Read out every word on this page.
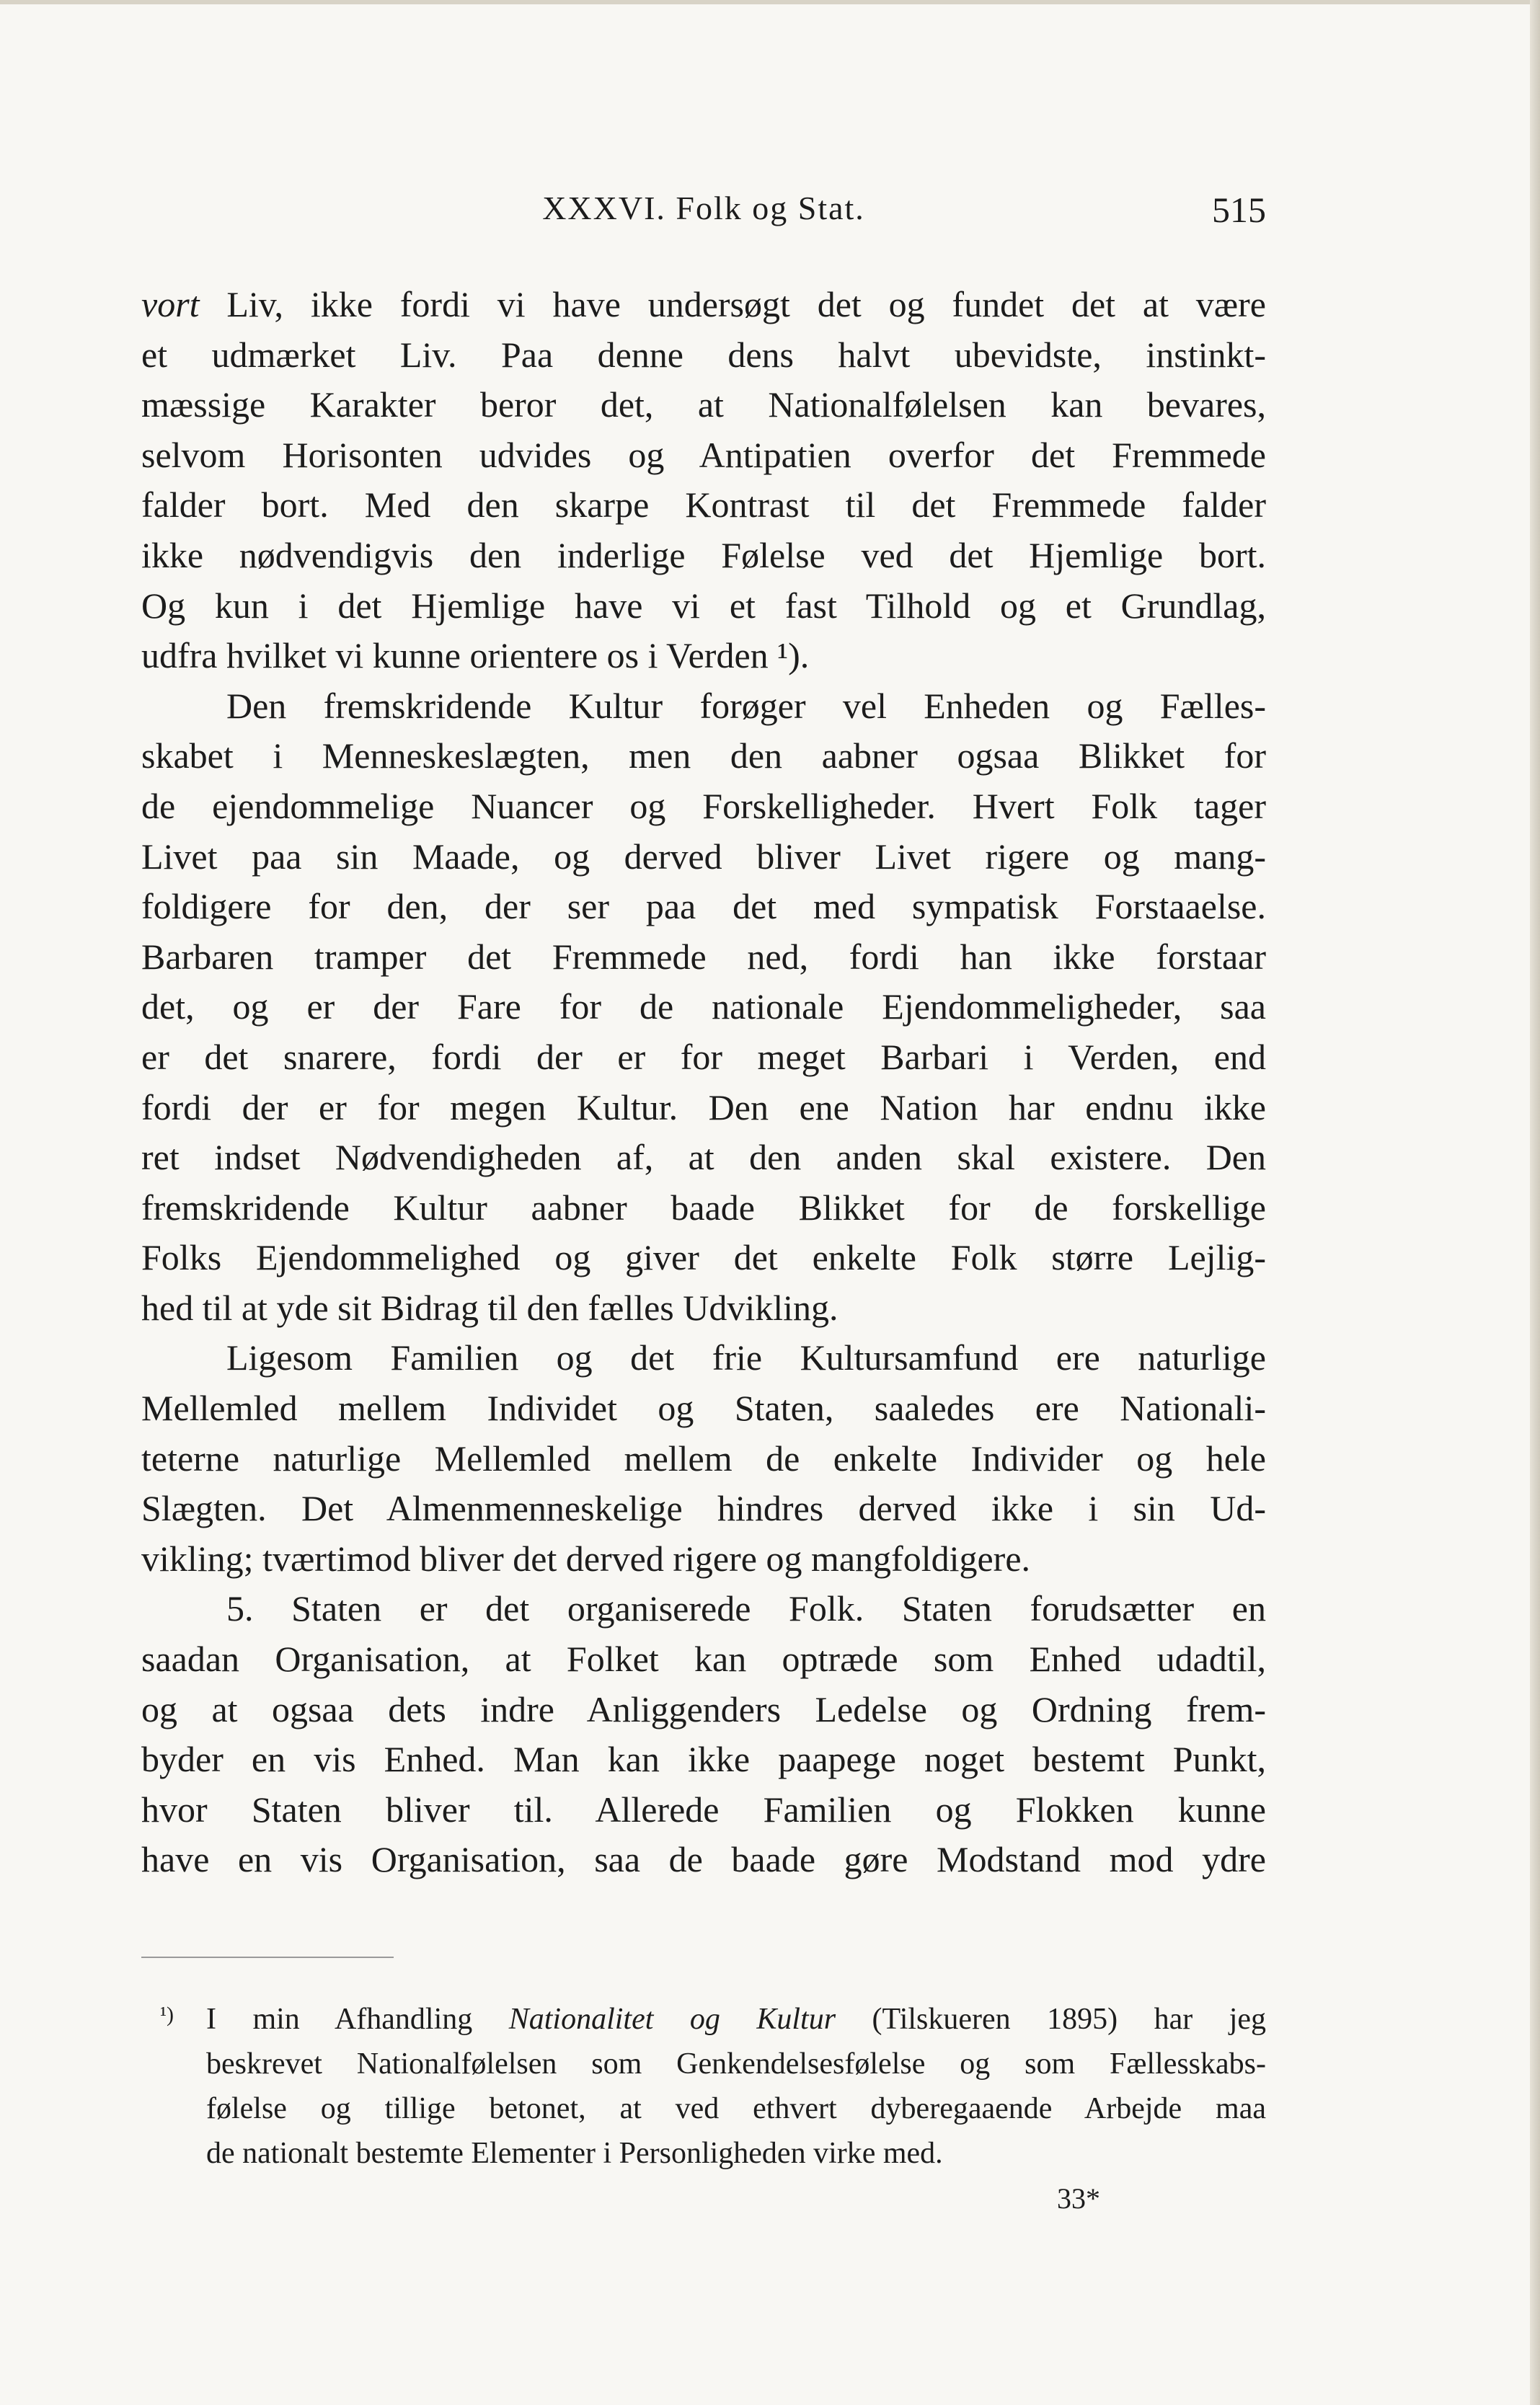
XXXVI. Folk og Stat.	515
vort Liv, ikke fordi vi have undersøgt det og fundet det at være
et udmærket Liv. Paa denne dens halvt ubevidste, instinkt-
mæssige Karakter beror det, at Nationalfølelsen kan bevares,
selvom Horisonten udvides og Antipatien overfor det Fremmede
falder bort. Med den skarpe Kontrast til det Fremmede falder
ikke nødvendigvis den inderlige Følelse ved det Hjemlige bort.
Og kun i det Hjemlige have vi et fast Tilhold og et Grundlag,
udfra hvilket vi kunne orientere os i Verden ¹).
Den fremskridende Kultur forøger vel Enheden og Fælles-
skabet i Menneskeslægten, men den aabner ogsaa Blikket for
de ejendommelige Nuancer og Forskelligheder. Hvert Folk tager
Livet paa sin Maade, og derved bliver Livet rigere og mang-
foldigere for den, der ser paa det med sympatisk Forstaaelse.
Barbaren tramper det Fremmede ned, fordi han ikke forstaar
det, og er der Fare for de nationale Ejendommeligheder, saa
er det snarere, fordi der er for meget Barbari i Verden, end
fordi der er for megen Kultur. Den ene Nation har endnu ikke
ret indset Nødvendigheden af, at den anden skal existere. Den
fremskridende Kultur aabner baade Blikket for de forskellige
Folks Ejendommelighed og giver det enkelte Folk større Lejlig-
hed til at yde sit Bidrag til den fælles Udvikling.
Ligesom Familien og det frie Kultursamfund ere naturlige
Mellemled mellem Individet og Staten, saaledes ere Nationali-
teterne naturlige Mellemled mellem de enkelte Individer og hele
Slægten. Det Almenmenneskelige hindres derved ikke i sin Ud-
vikling; tværtimod bliver det derved rigere og mangfoldigere.
5. Staten er det organiserede Folk. Staten forudsætter en
saadan Organisation, at Folket kan optræde som Enhed udadtil,
og at ogsaa dets indre Anliggenders Ledelse og Ordning frem-
byder en vis Enhed. Man kan ikke paapege noget bestemt Punkt,
hvor Staten bliver til. Allerede Familien og Flokken kunne
have en vis Organisation, saa de baade gøre Modstand mod ydre
¹)	I min Afhandling Nationalitet og Kultur (Tilskueren 1895) har jeg
beskrevet Nationalfølelsen som Genkendelsesfølelse og som Fællesskabs-
følelse og tillige betonet, at ved ethvert dyberegaaende Arbejde maa
de nationalt bestemte Elementer i Personligheden virke med.
33*
